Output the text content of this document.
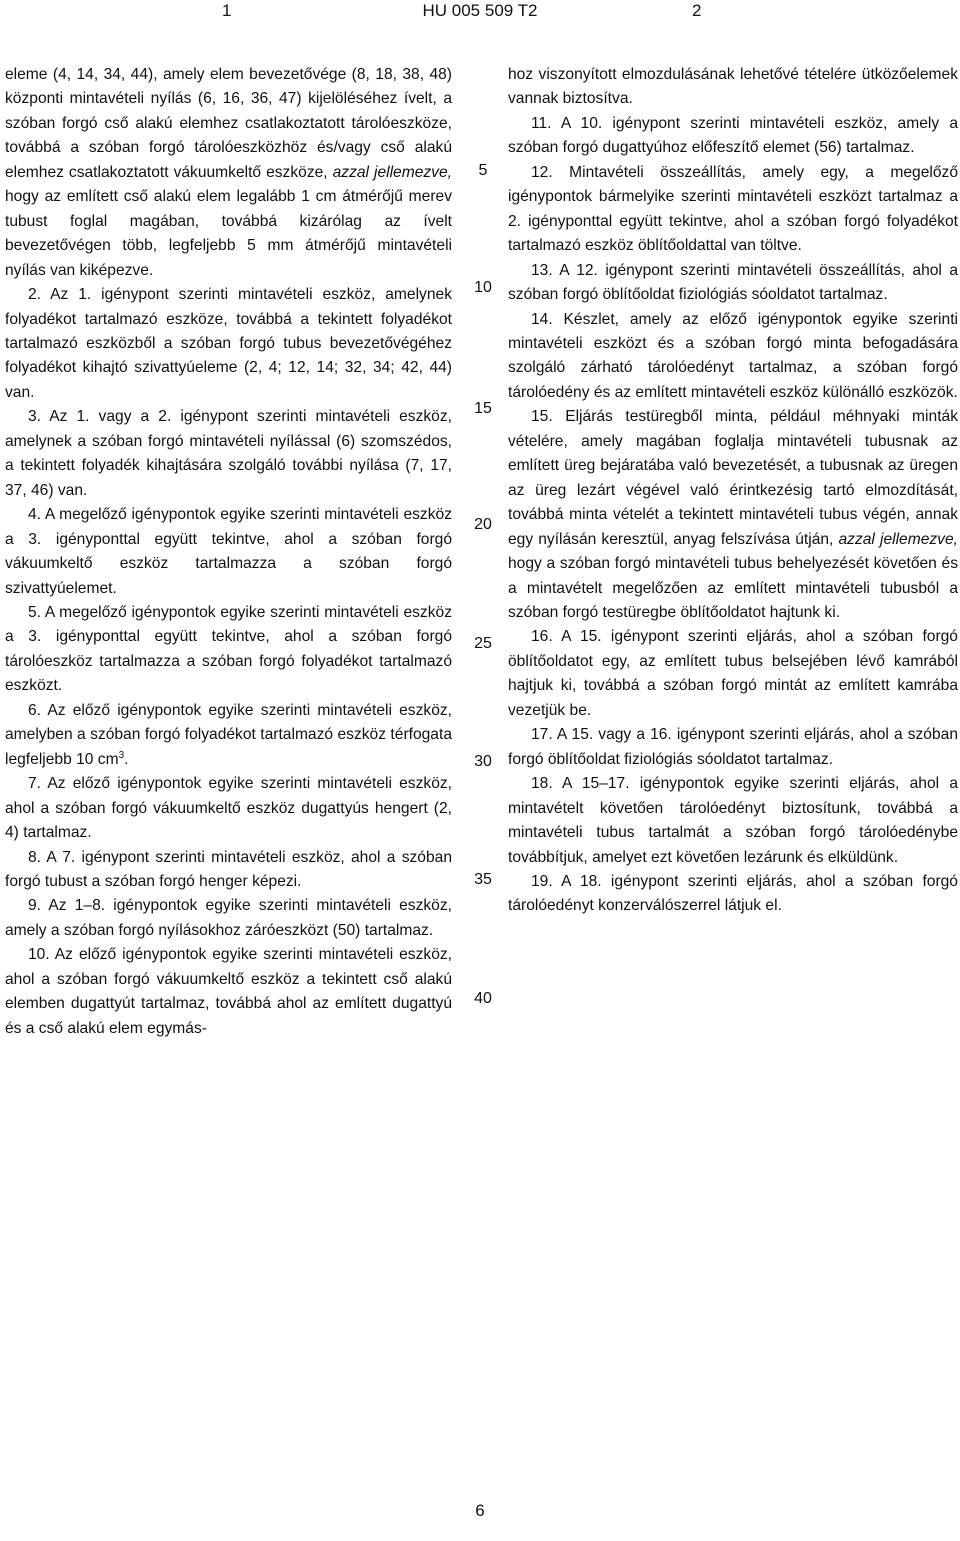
1	HU 005 509 T2	2

eleme (4, 14, 34, 44), amely elem bevezetővége (8, 18, 38, 48) központi mintavételi nyílás (6, 16, 36, 47) kijelöléséhez ívelt, a szóban forgó cső alakú elemhez csatlakoztatott tárolóeszköze, továbbá a szóban forgó tárolóeszközhöz és/vagy cső alakú elemhez csatlakoztatott vákuumkeltő eszköze, azzal jellemezve, hogy az említett cső alakú elem legalább 1 cm átmérőjű merev tubust foglal magában, továbbá kizárólag az ívelt bevezetővégen több, legfeljebb 5 mm átmérőjű mintavételi nyílás van kiképezve.

2. Az 1. igénypont szerinti mintavételi eszköz, amelynek folyadékot tartalmazó eszköze, továbbá a tekintett folyadékot tartalmazó eszközből a szóban forgó tubus bevezetővégéhez folyadékot kihajtó szivattyúeleme (2, 4; 12, 14; 32, 34; 42, 44) van.

3. Az 1. vagy a 2. igénypont szerinti mintavételi eszköz, amelynek a szóban forgó mintavételi nyílással (6) szomszédos, a tekintett folyadék kihajtására szolgáló további nyílása (7, 17, 37, 46) van.

4. A megelőző igénypontok egyike szerinti mintavételi eszköz a 3. igényponttal együtt tekintve, ahol a szóban forgó vákuumkeltő eszköz tartalmazza a szóban forgó szivattyúelemet.

5. A megelőző igénypontok egyike szerinti mintavételi eszköz a 3. igényponttal együtt tekintve, ahol a szóban forgó tárolóeszköz tartalmazza a szóban forgó folyadékot tartalmazó eszközt.

6. Az előző igénypontok egyike szerinti mintavételi eszköz, amelyben a szóban forgó folyadékot tartalmazó eszköz térfogata legfeljebb 10 $cm^3$.

7. Az előző igénypontok egyike szerinti mintavételi eszköz, ahol a szóban forgó vákuumkeltő eszköz dugattyús hengert (2, 4) tartalmaz.

8. A 7. igénypont szerinti mintavételi eszköz, ahol a szóban forgó tubust a szóban forgó henger képezi.

9. Az 1–8. igénypontok egyike szerinti mintavételi eszköz, amely a szóban forgó nyílásokhoz záróeszközt (50) tartalmaz.

10. Az előző igénypontok egyike szerinti mintavételi eszköz, ahol a szóban forgó vákuumkeltő eszköz a tekintett cső alakú elemben dugattyút tartalmaz, továbbá ahol az említett dugattyú és a cső alakú elem egymás-

5
10
15
20
25
30
35
40

hoz viszonyított elmozdulásának lehetővé tételére ütközőelemek vannak biztosítva.

11. A 10. igénypont szerinti mintavételi eszköz, amely a szóban forgó dugattyúhoz előfeszítő elemet (56) tartalmaz.

12. Mintavételi összeállítás, amely egy, a megelőző igénypontok bármelyike szerinti mintavételi eszközt tartalmaz a 2. igényponttal együtt tekintve, ahol a szóban forgó folyadékot tartalmazó eszköz öblítőoldattal van töltve.

13. A 12. igénypont szerinti mintavételi összeállítás, ahol a szóban forgó öblítőoldat fiziológiás sóoldatot tartalmaz.

14. Készlet, amely az előző igénypontok egyike szerinti mintavételi eszközt és a szóban forgó minta befogadására szolgáló zárható tárolóedényt tartalmaz, a szóban forgó tárolóedény és az említett mintavételi eszköz különálló eszközök.

15. Eljárás testüregből minta, például méhnyaki minták vételére, amely magában foglalja mintavételi tubusnak az említett üreg bejáratába való bevezetését, a tubusnak az üregen az üreg lezárt végével való érintkezésig tartó elmozdítását, továbbá minta vételét a tekintett mintavételi tubus végén, annak egy nyílásán keresztül, anyag felszívása útján, azzal jellemezve, hogy a szóban forgó mintavételi tubus behelyezését követően és a mintavételt megelőzően az említett mintavételi tubusból a szóban forgó testüregbe öblítőoldatot hajtunk ki.

16. A 15. igénypont szerinti eljárás, ahol a szóban forgó öblítőoldatot egy, az említett tubus belsejében lévő kamrából hajtjuk ki, továbbá a szóban forgó mintát az említett kamrába vezetjük be.

17. A 15. vagy a 16. igénypont szerinti eljárás, ahol a szóban forgó öblítőoldat fiziológiás sóoldatot tartalmaz.

18. A 15–17. igénypontok egyike szerinti eljárás, ahol a mintavételt követően tárolóedényt biztosítunk, továbbá a mintavételi tubus tartalmát a szóban forgó tárolóedénybe továbbítjuk, amelyet ezt követően lezárunk és elküldünk.

19. A 18. igénypont szerinti eljárás, ahol a szóban forgó tárolóedényt konzerválószerrel látjuk el.

6
